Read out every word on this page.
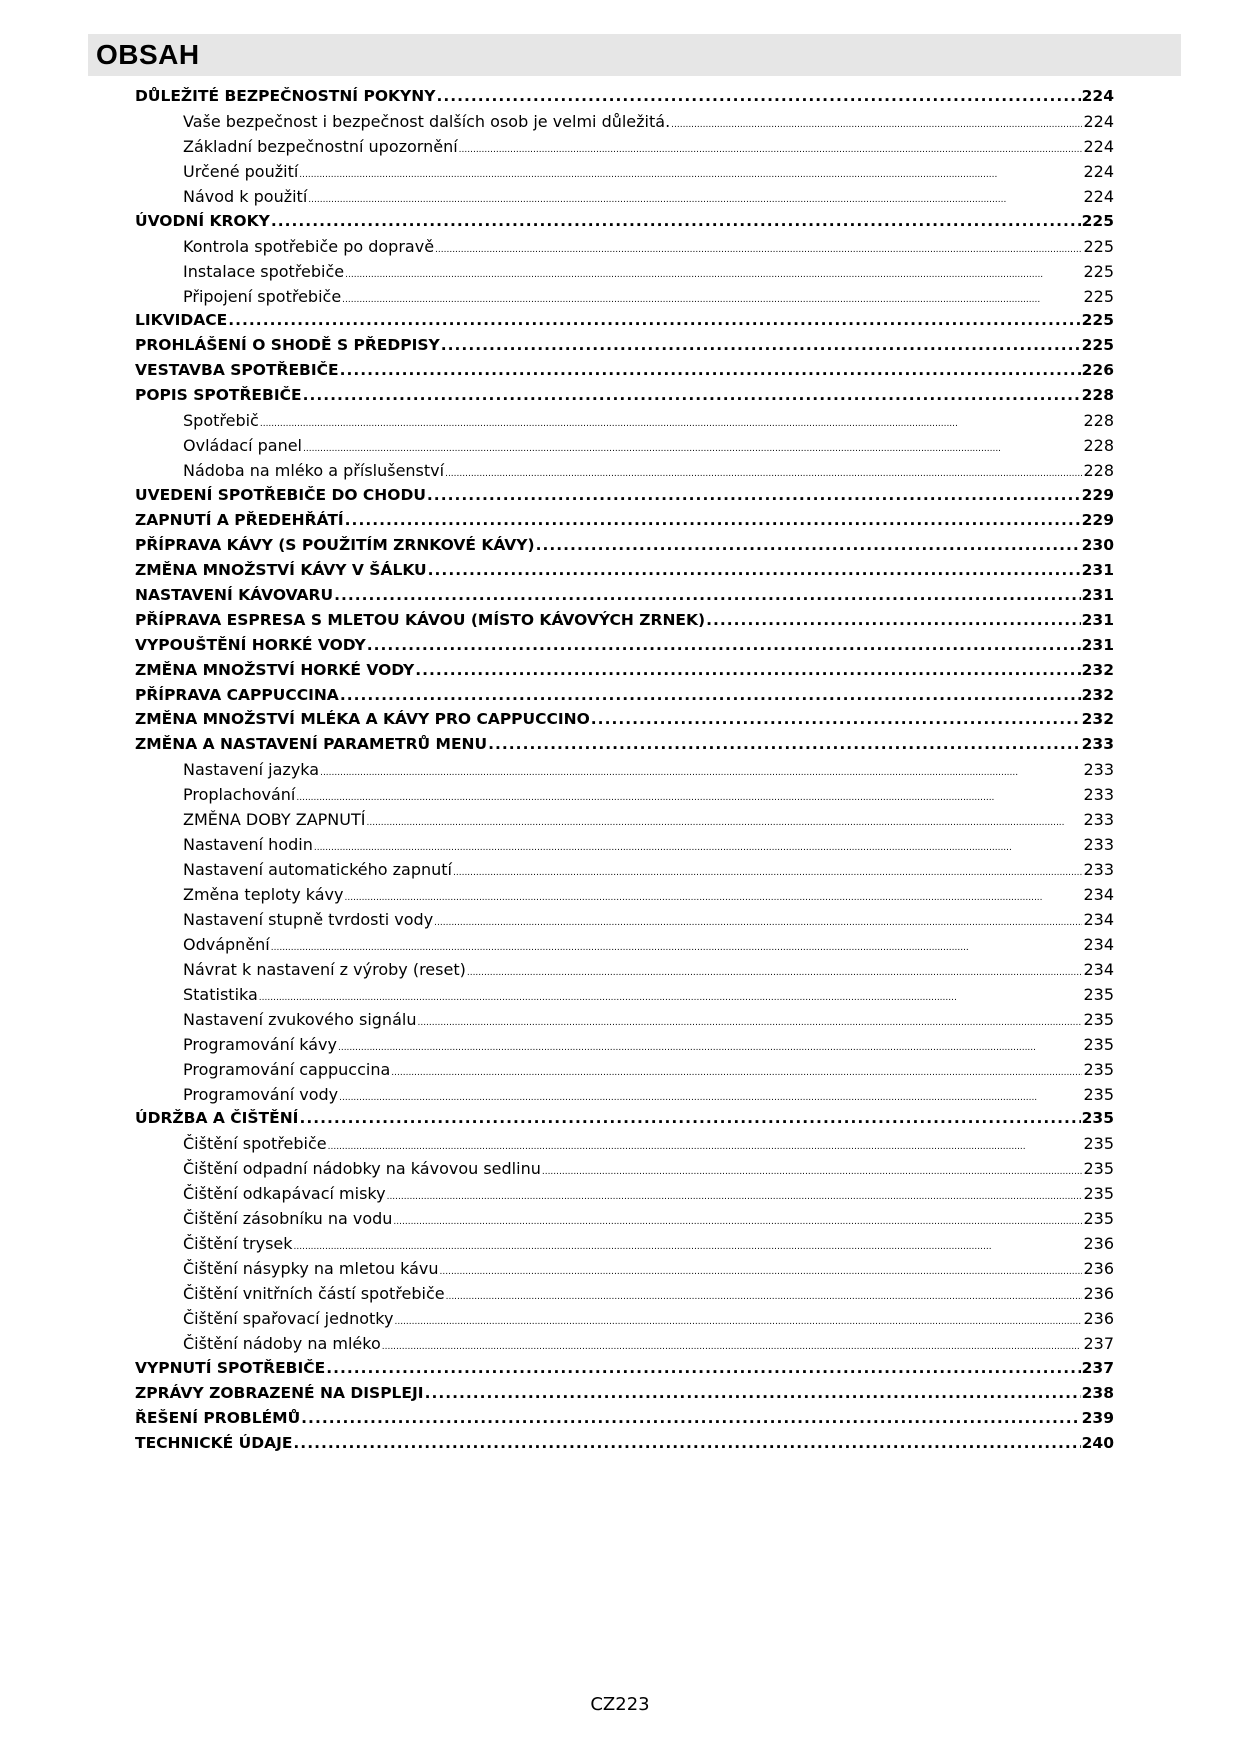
OBSAH
DŮLEŽITÉ BEZPEČNOSTNÍ POKYNY .....	224
Vaše bezpečnost i bezpečnost dalších osob je velmi důležitá. .....	224
Základní bezpečnostní upozornění .....	224
Určené použití .....	224
Návod k použití .....	224
ÚVODNÍ KROKY .....	225
Kontrola spotřebiče po dopravě .....	225
Instalace spotřebiče .....	225
Připojení spotřebiče .....	225
LIKVIDACE .....	225
PROHLÁŠENÍ O SHODĚ S PŘEDPISY .....	225
VESTAVBA SPOTŘEBIČE .....	226
POPIS SPOTŘEBIČE .....	228
Spotřebič .....	228
Ovládací panel .....	228
Nádoba na mléko a příslušenství .....	228
UVEDENÍ SPOTŘEBIČE DO CHODU .....	229
ZAPNUTÍ A PŘEDEHŘÁTÍ .....	229
PŘÍPRAVA KÁVY (S POUŽITÍM ZRNKOVÉ KÁVY) .....	230
ZMĚNA MNOŽSTVÍ KÁVY V ŠÁLKU .....	231
NASTAVENÍ KÁVOVARU .....	231
PŘÍPRAVA ESPRESA S MLETOU KÁVOU (MÍSTO KÁVOVÝCH ZRNEK) .....	231
VYPOUŠTĚNÍ HORKÉ VODY .....	231
ZMĚNA MNOŽSTVÍ HORKÉ VODY .....	232
PŘÍPRAVA CAPPUCCINA .....	232
ZMĚNA MNOŽSTVÍ MLÉKA A KÁVY PRO CAPPUCCINO .....	232
ZMĚNA A NASTAVENÍ PARAMETRŮ MENU .....	233
Nastavení jazyka .....	233
Proplachování .....	233
ZMĚNA DOBY ZAPNUTÍ .....	233
Nastavení hodin .....	233
Nastavení automatického zapnutí .....	233
Změna teploty kávy .....	234
Nastavení stupně tvrdosti vody .....	234
Odvápnění .....	234
Návrat k nastavení z výroby (reset) .....	234
Statistika .....	235
Nastavení zvukového signálu .....	235
Programování kávy .....	235
Programování cappuccina .....	235
Programování vody .....	235
ÚDRŽBA A ČIŠTĚNÍ .....	235
Čištění spotřebiče .....	235
Čištění odpadní nádobky na kávovou sedlinu .....	235
Čištění odkapávací misky .....	235
Čištění zásobníku na vodu .....	235
Čištění trysek .....	236
Čištění násypky na mletou kávu .....	236
Čištění vnitřních částí spotřebiče .....	236
Čištění spařovací jednotky .....	236
Čištění nádoby na mléko .....	237
VYPNUTÍ SPOTŘEBIČE .....	237
ZPRÁVY ZOBRAZENÉ NA DISPLEJI .....	238
ŘEŠENÍ PROBLÉMŮ .....	239
TECHNICKÉ ÚDAJE .....	240
CZ223
